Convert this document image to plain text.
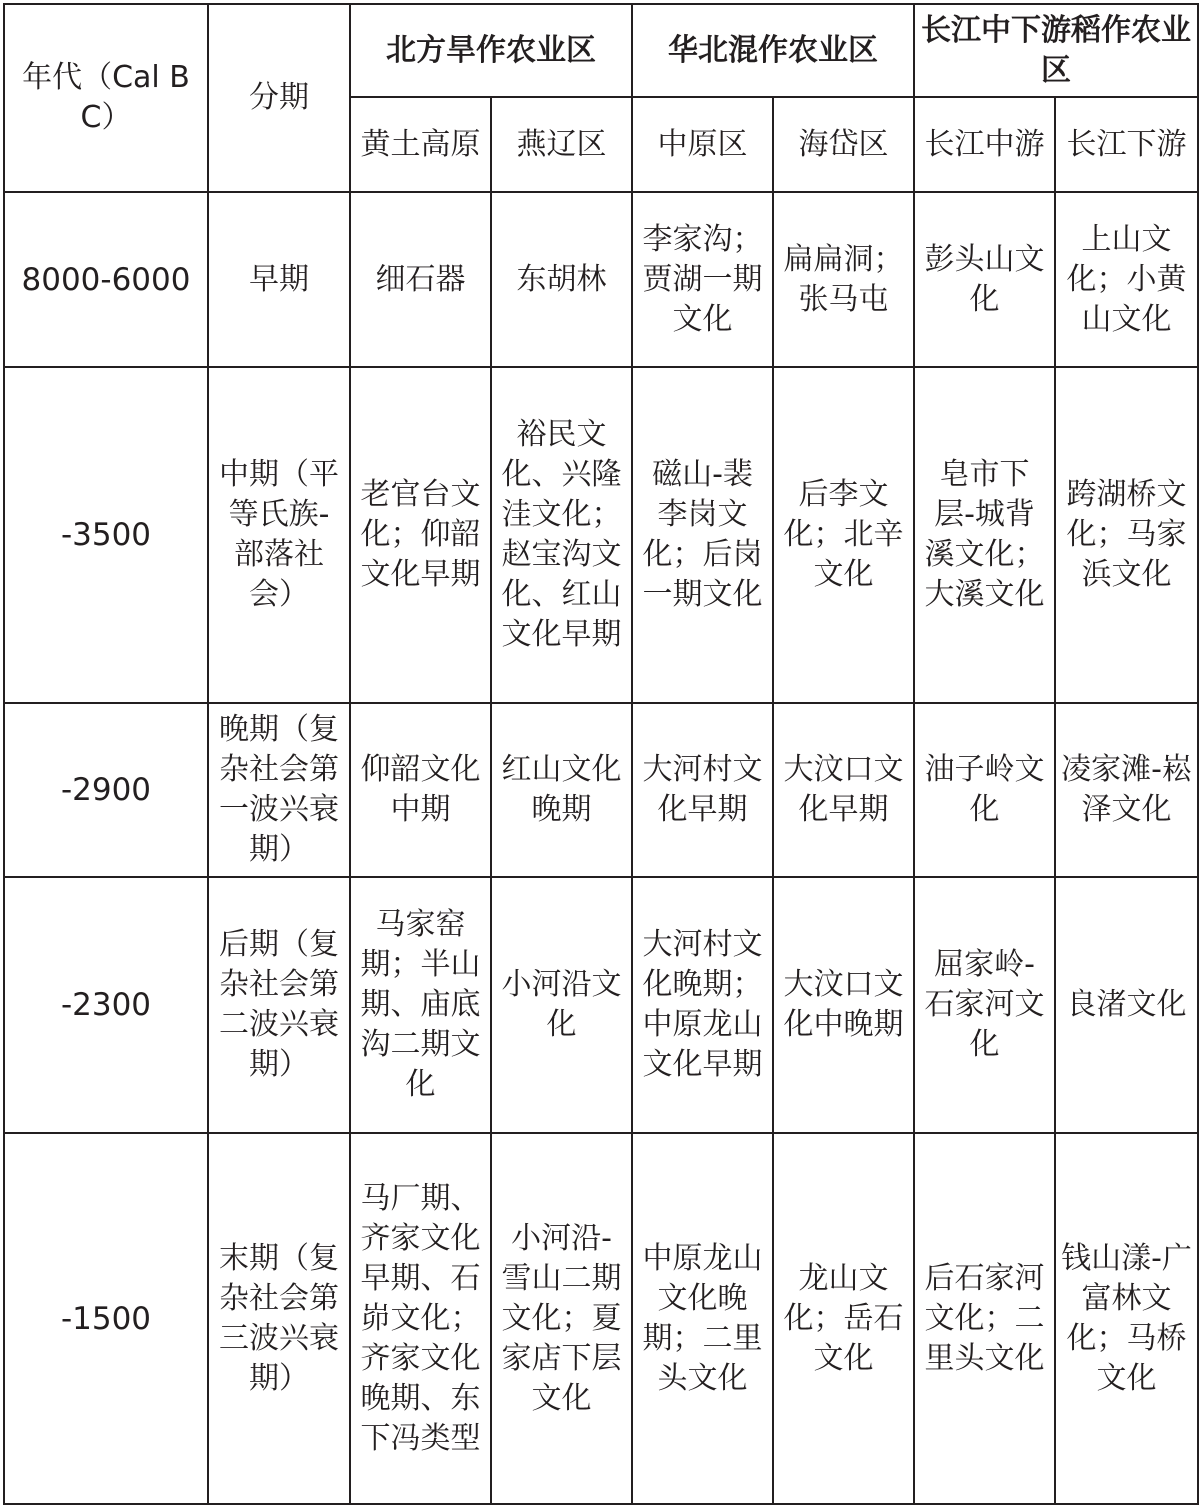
年代（Cal BC）	分期	北方旱作农业区		华北混作农业区		长江中下游稻作农业区	
		黄土高原	燕辽区	中原区	海岱区	长江中游	长江下游
8000-6000	早期	细石器	东胡林	李家沟；贾湖一期文化	扁扁洞；张马屯	彭头山文化	上山文化；小黄山文化
-3500	中期（平等氏族-部落社会）	老官台文化；仰韶文化早期	裕民文化、兴隆洼文化；赵宝沟文化、红山文化早期	磁山-裴李岗文化；后岗一期文化	后李文化；北辛文化	皂市下层-城背溪文化；大溪文化	跨湖桥文化；马家浜文化
-2900	晚期（复杂社会第一波兴衰期）	仰韶文化中期	红山文化晚期	大河村文化早期	大汶口文化早期	油子岭文化	凌家滩-崧泽文化
-2300	后期（复杂社会第二波兴衰期）	马家窑期；半山期、庙底沟二期文化	小河沿文化	大河村文化晚期；中原龙山文化早期	大汶口文化中晚期	屈家岭-石家河文化	良渚文化
-1500	末期（复杂社会第三波兴衰期）	马厂期、齐家文化早期、石峁文化；齐家文化晚期、东下冯类型	小河沿-雪山二期文化；夏家店下层文化	中原龙山文化晚期；二里头文化	龙山文化；岳石文化	后石家河文化；二里头文化	钱山漾-广富林文化；马桥文化
